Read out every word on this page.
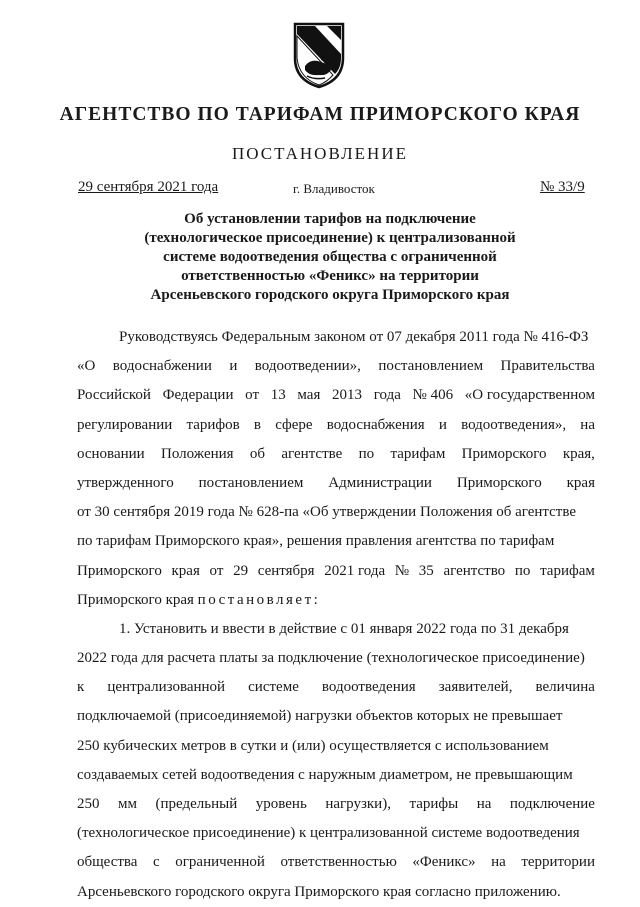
АГЕНТСТВО ПО ТАРИФАМ ПРИМОРСКОГО КРАЯ
ПОСТАНОВЛЕНИЕ
29 сентября 2021 года	г. Владивосток	№ 33/9
Об установлении тарифов на подключение
(технологическое присоединение) к централизованной
системе водоотведения общества с ограниченной
ответственностью «Феникс» на территории
Арсеньевского городского округа Приморского края
Руководствуясь Федеральным законом от 07 декабря 2011 года № 416-ФЗ
«О водоснабжении и водоотведении», постановлением Правительства
Российской Федерации от 13 мая 2013 года № 406 «О государственном
регулировании тарифов в сфере водоснабжения и водоотведения», на
основании Положения об агентстве по тарифам Приморского края,
утвержденного постановлением Администрации Приморского края
от 30 сентября 2019 года № 628-па «Об утверждении Положения об агентстве
по тарифам Приморского края», решения правления агентства по тарифам
Приморского края от 29 сентября 2021 года № 35 агентство по тарифам
Приморского края постановляет:
1. Установить и ввести в действие с 01 января 2022 года по 31 декабря
2022 года для расчета платы за подключение (технологическое присоединение)
к централизованной системе водоотведения заявителей, величина
подключаемой (присоединяемой) нагрузки объектов которых не превышает
250 кубических метров в сутки и (или) осуществляется с использованием
создаваемых сетей водоотведения с наружным диаметром, не превышающим
250 мм (предельный уровень нагрузки), тарифы на подключение
(технологическое присоединение) к централизованной системе водоотведения
общества с ограниченной ответственностью «Феникс» на территории
Арсеньевского городского округа Приморского края согласно приложению.
